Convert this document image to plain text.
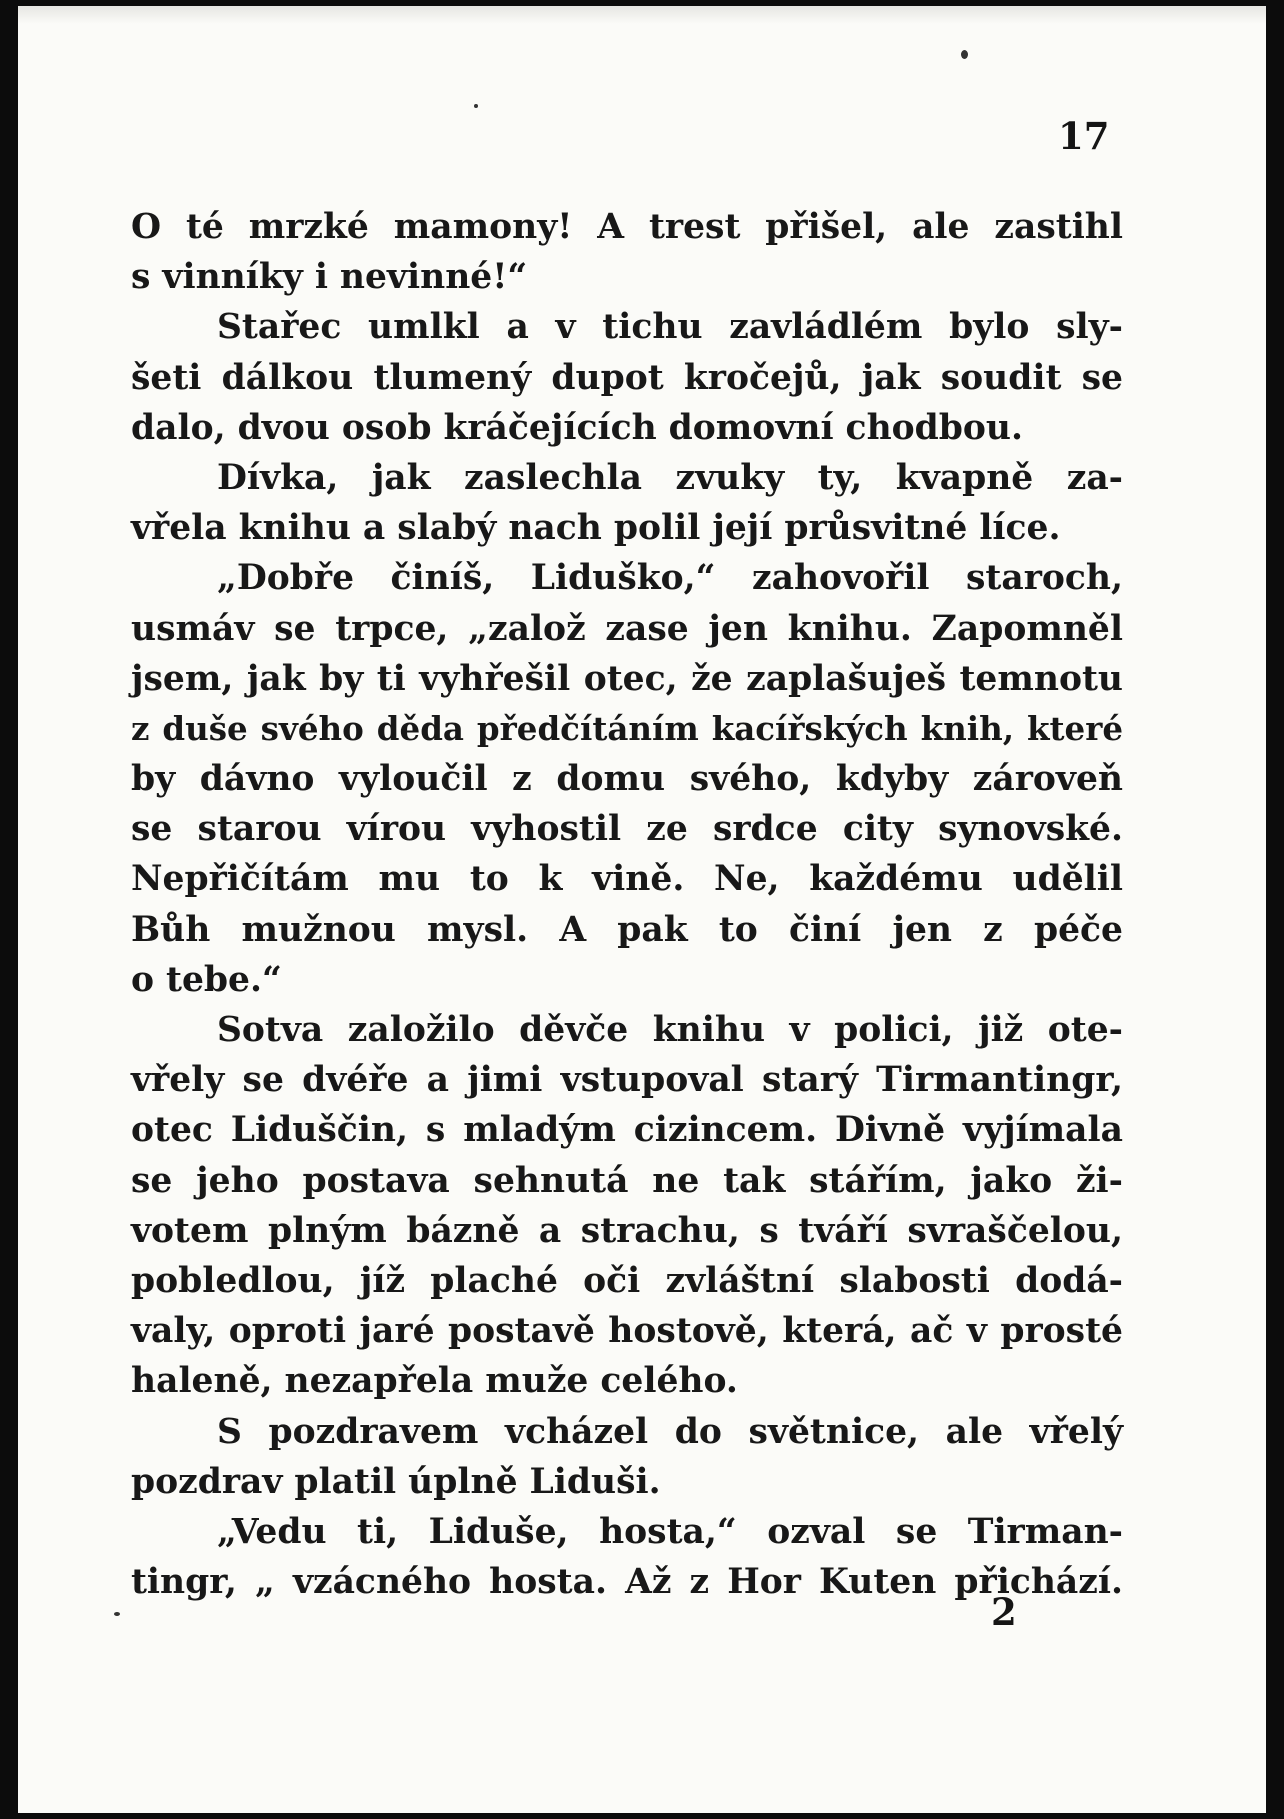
17
O té mrzké mamony! A trest přišel, ale zastihl
s vinníky i nevinné!“
Stařec umlkl a v tichu zavládlém bylo sly-
šeti dálkou tlumený dupot kročejů, jak soudit se
dalo, dvou osob kráčejících domovní chodbou.
Dívka, jak zaslechla zvuky ty, kvapně za-
vřela knihu a slabý nach polil její průsvitné líce.
„Dobře činíš, Liduško,“ zahovořil staroch,
usmáv se trpce, „založ zase jen knihu. Zapomněl
jsem, jak by ti vyhřešil otec, že zaplašuješ temnotu
z duše svého děda předčítáním kacířských knih, které
by dávno vyloučil z domu svého, kdyby zároveň
se starou vírou vyhostil ze srdce city synovské.
Nepřičítám mu to k vině. Ne, každému udělil
Bůh mužnou mysl. A pak to činí jen z péče
o tebe.“
Sotva založilo děvče knihu v polici, již ote-
vřely se dvéře a jimi vstupoval starý Tirmantingr,
otec Liduščin, s mladým cizincem. Divně vyjímala
se jeho postava sehnutá ne tak stářím, jako ži-
votem plným bázně a strachu, s tváří svraščelou,
pobledlou, jíž plaché oči zvláštní slabosti dodá-
valy, oproti jaré postavě hostově, která, ač v prosté
haleně, nezapřela muže celého.
S pozdravem vcházel do světnice, ale vřelý
pozdrav platil úplně Liduši.
„Vedu ti, Liduše, hosta,“ ozval se Tirman-
tingr, „ vzácného hosta. Až z Hor Kuten přichází.
2
